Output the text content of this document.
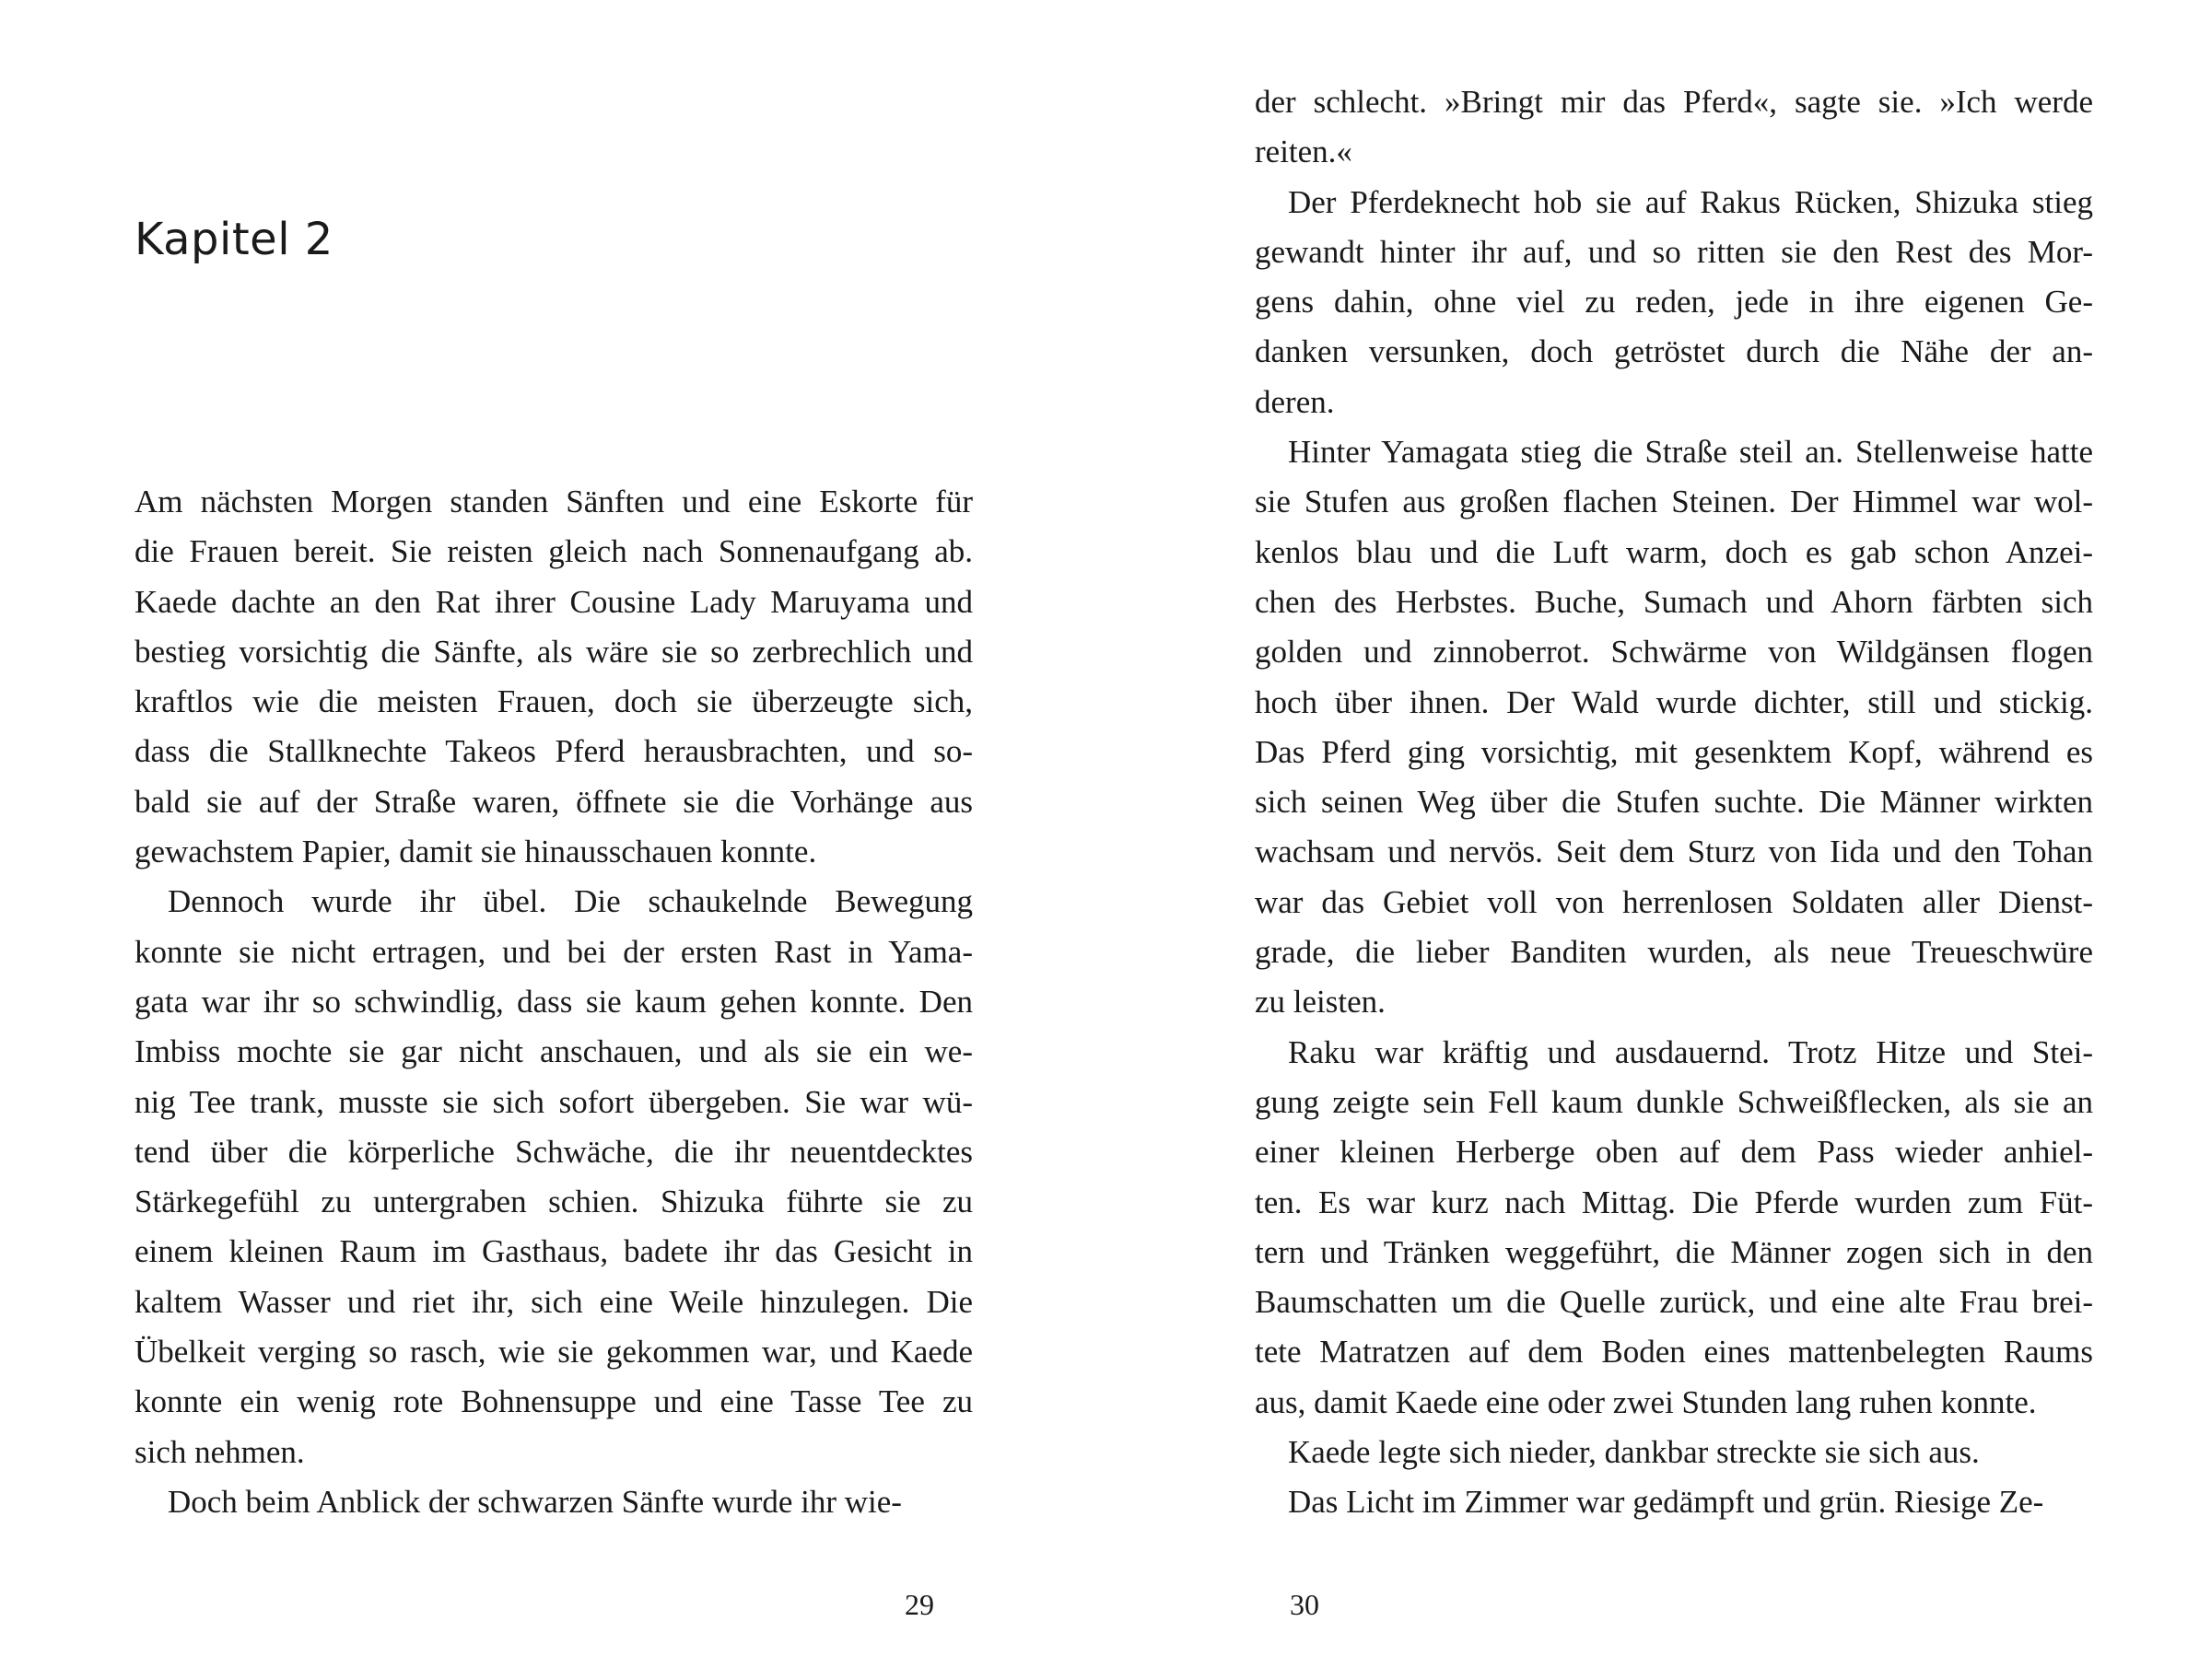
Kapitel 2

Am nächsten Morgen standen Sänften und eine Eskorte für
die Frauen bereit. Sie reisten gleich nach Sonnenaufgang ab.
Kaede dachte an den Rat ihrer Cousine Lady Maruyama und
bestieg vorsichtig die Sänfte, als wäre sie so zerbrechlich und
kraftlos wie die meisten Frauen, doch sie überzeugte sich,
dass die Stallknechte Takeos Pferd herausbrachten, und so-
bald sie auf der Straße waren, öffnete sie die Vorhänge aus
gewachstem Papier, damit sie hinausschauen konnte.

Dennoch wurde ihr übel. Die schaukelnde Bewegung
konnte sie nicht ertragen, und bei der ersten Rast in Yama-
gata war ihr so schwindlig, dass sie kaum gehen konnte. Den
Imbiss mochte sie gar nicht anschauen, und als sie ein we-
nig Tee trank, musste sie sich sofort übergeben. Sie war wü-
tend über die körperliche Schwäche, die ihr neuentdecktes
Stärkegefühl zu untergraben schien. Shizuka führte sie zu
einem kleinen Raum im Gasthaus, badete ihr das Gesicht in
kaltem Wasser und riet ihr, sich eine Weile hinzulegen. Die
Übelkeit verging so rasch, wie sie gekommen war, und Kaede
konnte ein wenig rote Bohnensuppe und eine Tasse Tee zu
sich nehmen.

Doch beim Anblick der schwarzen Sänfte wurde ihr wie-

29

der schlecht. »Bringt mir das Pferd«, sagte sie. »Ich werde
reiten.«

Der Pferdeknecht hob sie auf Rakus Rücken, Shizuka stieg
gewandt hinter ihr auf, und so ritten sie den Rest des Mor-
gens dahin, ohne viel zu reden, jede in ihre eigenen Ge-
danken versunken, doch getröstet durch die Nähe der an-
deren.

Hinter Yamagata stieg die Straße steil an. Stellenweise hatte
sie Stufen aus großen flachen Steinen. Der Himmel war wol-
kenlos blau und die Luft warm, doch es gab schon Anzei-
chen des Herbstes. Buche, Sumach und Ahorn färbten sich
golden und zinnoberrot. Schwärme von Wildgänsen flogen
hoch über ihnen. Der Wald wurde dichter, still und stickig.
Das Pferd ging vorsichtig, mit gesenktem Kopf, während es
sich seinen Weg über die Stufen suchte. Die Männer wirkten
wachsam und nervös. Seit dem Sturz von Iida und den Tohan
war das Gebiet voll von herrenlosen Soldaten aller Dienst-
grade, die lieber Banditen wurden, als neue Treueschwüre
zu leisten.

Raku war kräftig und ausdauernd. Trotz Hitze und Stei-
gung zeigte sein Fell kaum dunkle Schweißflecken, als sie an
einer kleinen Herberge oben auf dem Pass wieder anhiel-
ten. Es war kurz nach Mittag. Die Pferde wurden zum Füt-
tern und Tränken weggeführt, die Männer zogen sich in den
Baumschatten um die Quelle zurück, und eine alte Frau brei-
tete Matratzen auf dem Boden eines mattenbelegten Raums
aus, damit Kaede eine oder zwei Stunden lang ruhen konnte.

Kaede legte sich nieder, dankbar streckte sie sich aus.

Das Licht im Zimmer war gedämpft und grün. Riesige Ze-

30
